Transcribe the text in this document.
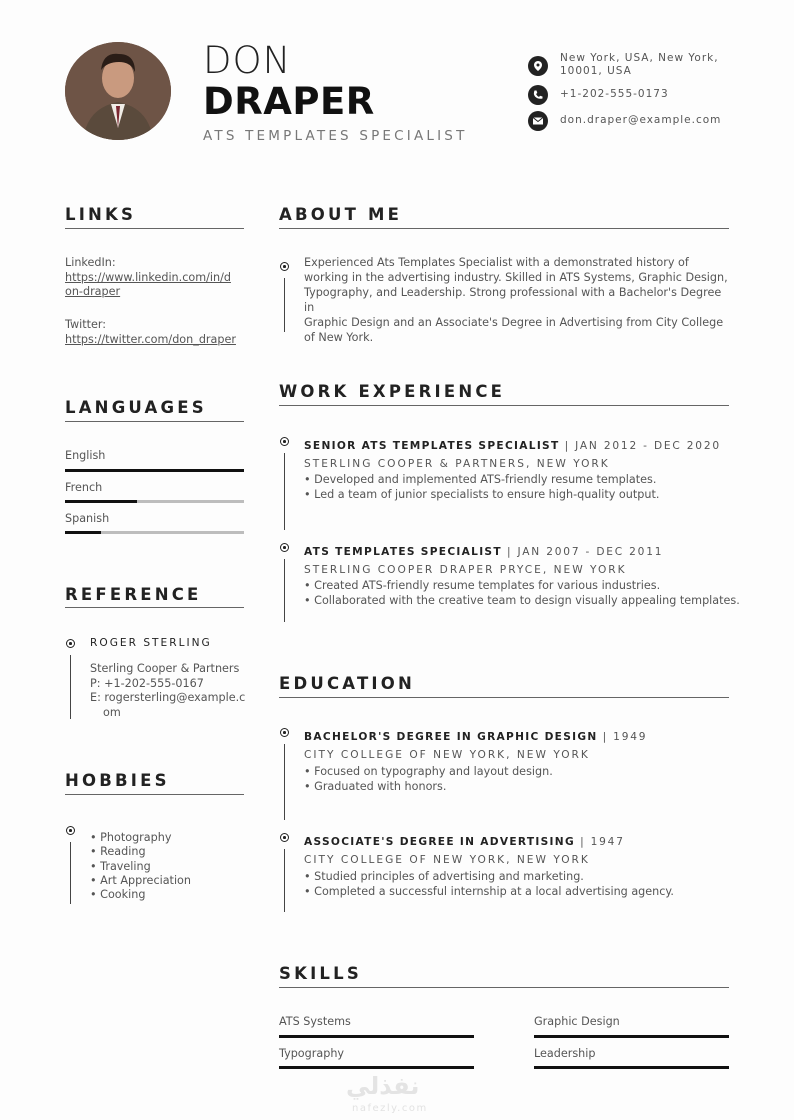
DON
DRAPER
ATS TEMPLATES SPECIALIST
New York, USA, New York,
10001, USA
+1-202-555-0173
don.draper@example.com
LINKS
LinkedIn:
https://www.linkedin.com/in/d
on-draper
Twitter:
https://twitter.com/don_draper
LANGUAGES
English
French
Spanish
REFERENCE
ROGER STERLING
Sterling Cooper & Partners
P: +1-202-555-0167
E: rogersterling@example.c
om
HOBBIES
• Photography
• Reading
• Traveling
• Art Appreciation
• Cooking
ABOUT ME
Experienced Ats Templates Specialist with a demonstrated history of
working in the advertising industry. Skilled in ATS Systems, Graphic Design,
Typography, and Leadership. Strong professional with a Bachelor's Degree in
Graphic Design and an Associate's Degree in Advertising from City College
of New York.
WORK EXPERIENCE
SENIOR ATS TEMPLATES SPECIALIST | JAN 2012 - DEC 2020
STERLING COOPER & PARTNERS, NEW YORK
• Developed and implemented ATS-friendly resume templates.
• Led a team of junior specialists to ensure high-quality output.
ATS TEMPLATES SPECIALIST | JAN 2007 - DEC 2011
STERLING COOPER DRAPER PRYCE, NEW YORK
• Created ATS-friendly resume templates for various industries.
• Collaborated with the creative team to design visually appealing templates.
EDUCATION
BACHELOR'S DEGREE IN GRAPHIC DESIGN | 1949
CITY COLLEGE OF NEW YORK, NEW YORK
• Focused on typography and layout design.
• Graduated with honors.
ASSOCIATE'S DEGREE IN ADVERTISING | 1947
CITY COLLEGE OF NEW YORK, NEW YORK
• Studied principles of advertising and marketing.
• Completed a successful internship at a local advertising agency.
SKILLS
ATS Systems	Graphic Design
Typography	Leadership
نفذلي
nafezly.com
